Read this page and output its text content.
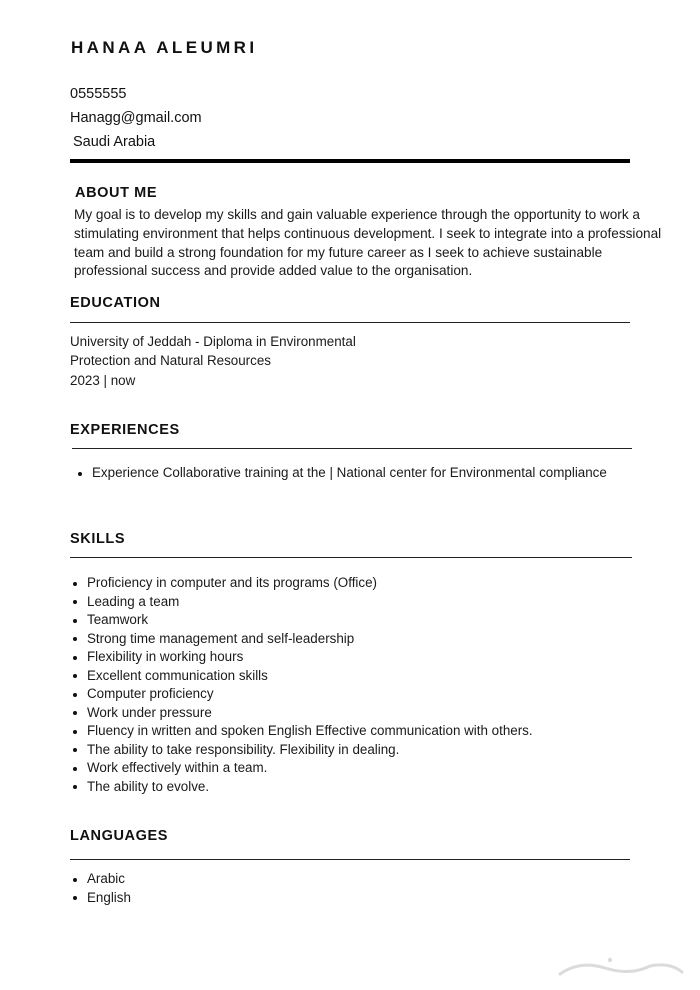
HANAA ALEUMRI
0555555
Hanagg@gmail.com
Saudi Arabia
ABOUT ME
My goal is to develop my skills and gain valuable experience through the opportunity to work a stimulating environment that helps continuous development. I seek to integrate into a professional team and build a strong foundation for my future career as I seek to achieve sustainable professional success and provide added value to the organisation.
EDUCATION
University of Jeddah - Diploma in Environmental
Protection and Natural Resources
2023 | now
EXPERIENCES
Experience Collaborative training at the | National center for Environmental compliance
SKILLS
Proficiency in computer and its programs (Office)
Leading a team
Teamwork
Strong time management and self-leadership
Flexibility in working hours
Excellent communication skills
Computer proficiency
Work under pressure
Fluency in written and spoken English Effective communication with others.
The ability to take responsibility. Flexibility in dealing.
Work effectively within a team.
The ability to evolve.
LANGUAGES
Arabic
English
